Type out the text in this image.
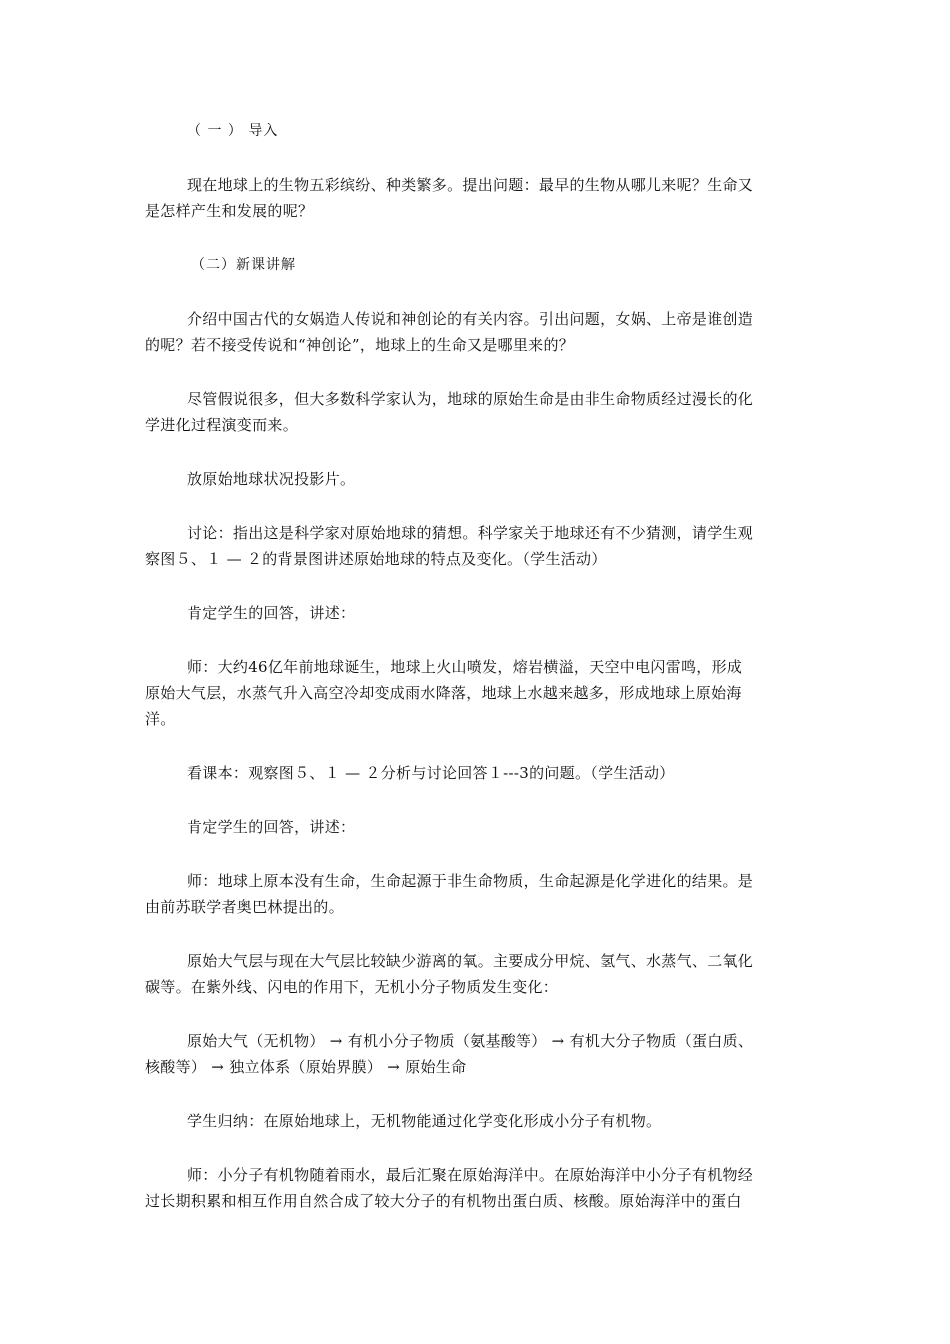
（ 一 ） 导入

现在地球上的生物五彩缤纷、种类繁多。提出问题：最早的生物从哪儿来呢？生命又
是怎样产生和发展的呢？

（二）新课讲解

介绍中国古代的女娲造人传说和神创论的有关内容。引出问题，女娲、上帝是谁创造
的呢？若不接受传说和“神创论”，地球上的生命又是哪里来的？

尽管假说很多，但大多数科学家认为，地球的原始生命是由非生命物质经过漫长的化
学进化过程演变而来。

放原始地球状况投影片。

讨论：指出这是科学家对原始地球的猜想。科学家关于地球还有不少猜测，请学生观
察图５、１ — ２的背景图讲述原始地球的特点及变化。（学生活动）

肯定学生的回答，讲述：

师：大约46亿年前地球诞生，地球上火山喷发，熔岩横溢，天空中电闪雷鸣，形成
原始大气层，水蒸气升入高空冷却变成雨水降落，地球上水越来越多，形成地球上原始海
洋。

看课本：观察图５、１ — ２分析与讨论回答１---3的问题。（学生活动）

肯定学生的回答，讲述：

师：地球上原本没有生命，生命起源于非生命物质，生命起源是化学进化的结果。是
由前苏联学者奥巴林提出的。

原始大气层与现在大气层比较缺少游离的氧。主要成分甲烷、氢气、水蒸气、二氧化
碳等。在紫外线、闪电的作用下，无机小分子物质发生变化：

原始大气（无机物） → 有机小分子物质（氨基酸等） → 有机大分子物质（蛋白质、
核酸等） → 独立体系（原始界膜） → 原始生命

学生归纳：在原始地球上，无机物能通过化学变化形成小分子有机物。

师：小分子有机物随着雨水，最后汇聚在原始海洋中。在原始海洋中小分子有机物经
过长期积累和相互作用自然合成了较大分子的有机物出蛋白质、核酸。原始海洋中的蛋白
